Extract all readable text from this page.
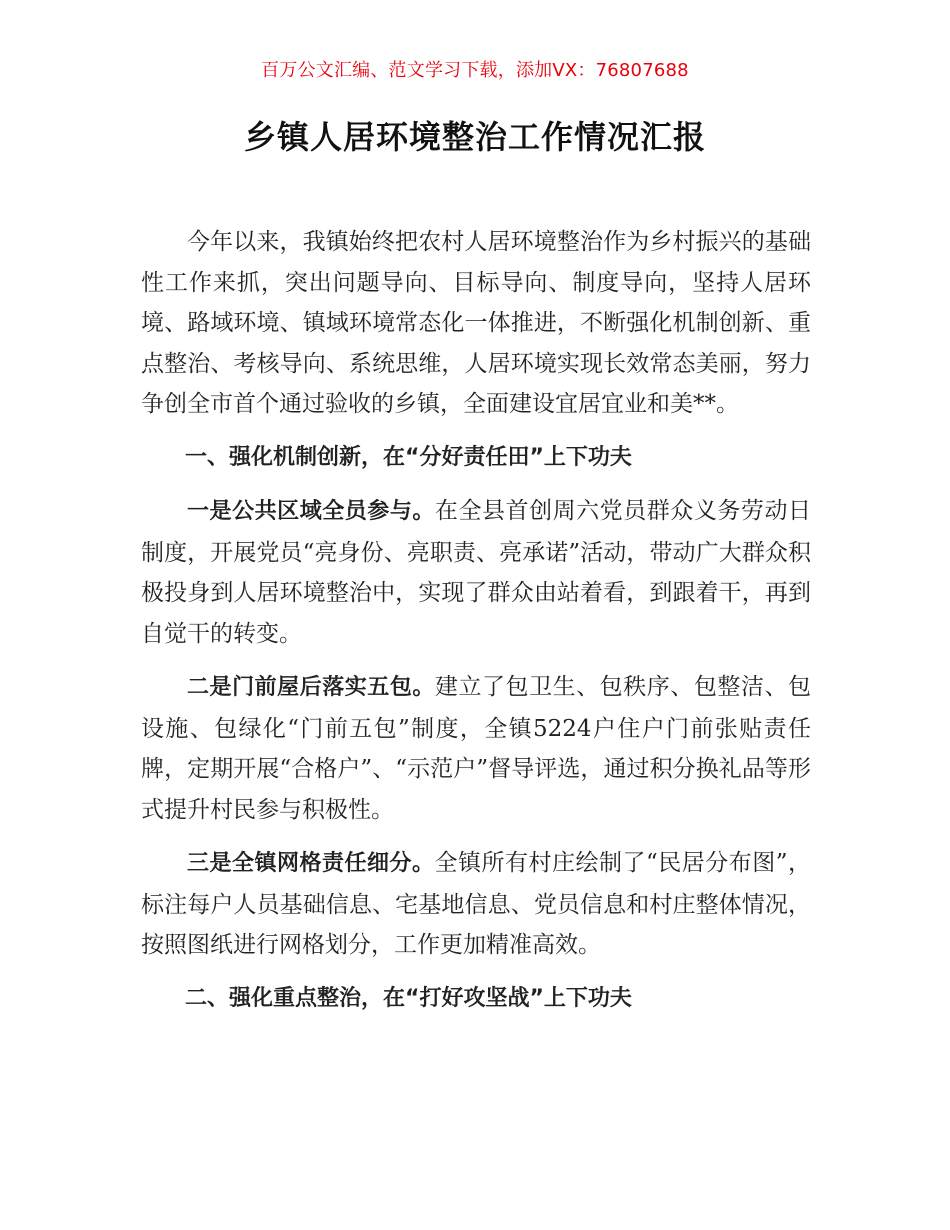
百万公文汇编、范文学习下载，添加VX：76807688
乡镇人居环境整治工作情况汇报

今年以来，我镇始终把农村人居环境整治作为乡村振兴的基础性工作来抓，突出问题导向、目标导向、制度导向，坚持人居环境、路域环境、镇域环境常态化一体推进，不断强化机制创新、重点整治、考核导向、系统思维，人居环境实现长效常态美丽，努力争创全市首个通过验收的乡镇，全面建设宜居宜业和美**。

一、强化机制创新，在“分好责任田”上下功夫

一是公共区域全员参与。在全县首创周六党员群众义务劳动日制度，开展党员“亮身份、亮职责、亮承诺”活动，带动广大群众积极投身到人居环境整治中，实现了群众由站着看，到跟着干，再到自觉干的转变。

二是门前屋后落实五包。建立了包卫生、包秩序、包整洁、包设施、包绿化“门前五包”制度，全镇5224户住户门前张贴责任牌，定期开展“合格户”、“示范户”督导评选，通过积分换礼品等形式提升村民参与积极性。

三是全镇网格责任细分。全镇所有村庄绘制了“民居分布图”，标注每户人员基础信息、宅基地信息、党员信息和村庄整体情况，按照图纸进行网格划分，工作更加精准高效。

二、强化重点整治，在“打好攻坚战”上下功夫
